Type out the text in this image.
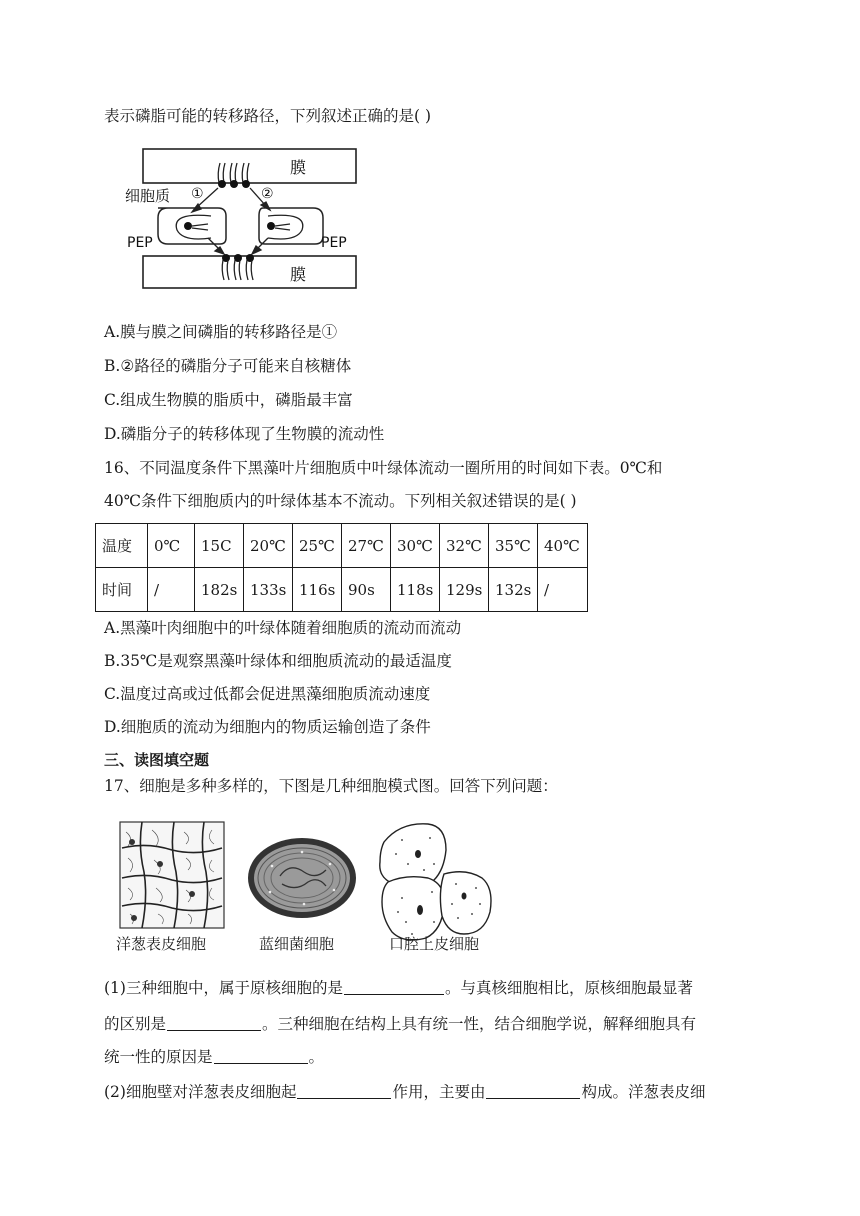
表示磷脂可能的转移路径，下列叙述正确的是( )
膜
细胞质 ①	②
PEP	PEP
膜
A.膜与膜之间磷脂的转移路径是①
B.②路径的磷脂分子可能来自核糖体
C.组成生物膜的脂质中，磷脂最丰富
D.磷脂分子的转移体现了生物膜的流动性
16、不同温度条件下黑藻叶片细胞质中叶绿体流动一圈所用的时间如下表。0℃和
40℃条件下细胞质内的叶绿体基本不流动。下列相关叙述错误的是( )
温度	0℃	15C	20℃	25℃	27℃	30℃	32℃	35℃	40℃
时间	/	182s	133s	116s	90s	118s	129s	132s	/
A.黑藻叶肉细胞中的叶绿体随着细胞质的流动而流动
B.35℃是观察黑藻叶绿体和细胞质流动的最适温度
C.温度过高或过低都会促进黑藻细胞质流动速度
D.细胞质的流动为细胞内的物质运输创造了条件
三、读图填空题
17、细胞是多种多样的，下图是几种细胞模式图。回答下列问题：
洋葱表皮细胞	蓝细菌细胞	口腔上皮细胞
(1)三种细胞中，属于原核细胞的是	。与真核细胞相比，原核细胞最显著
的区别是	。三种细胞在结构上具有统一性，结合细胞学说，解释细胞具有
统一性的原因是	。
(2)细胞壁对洋葱表皮细胞起	作用，主要由	构成。洋葱表皮细
